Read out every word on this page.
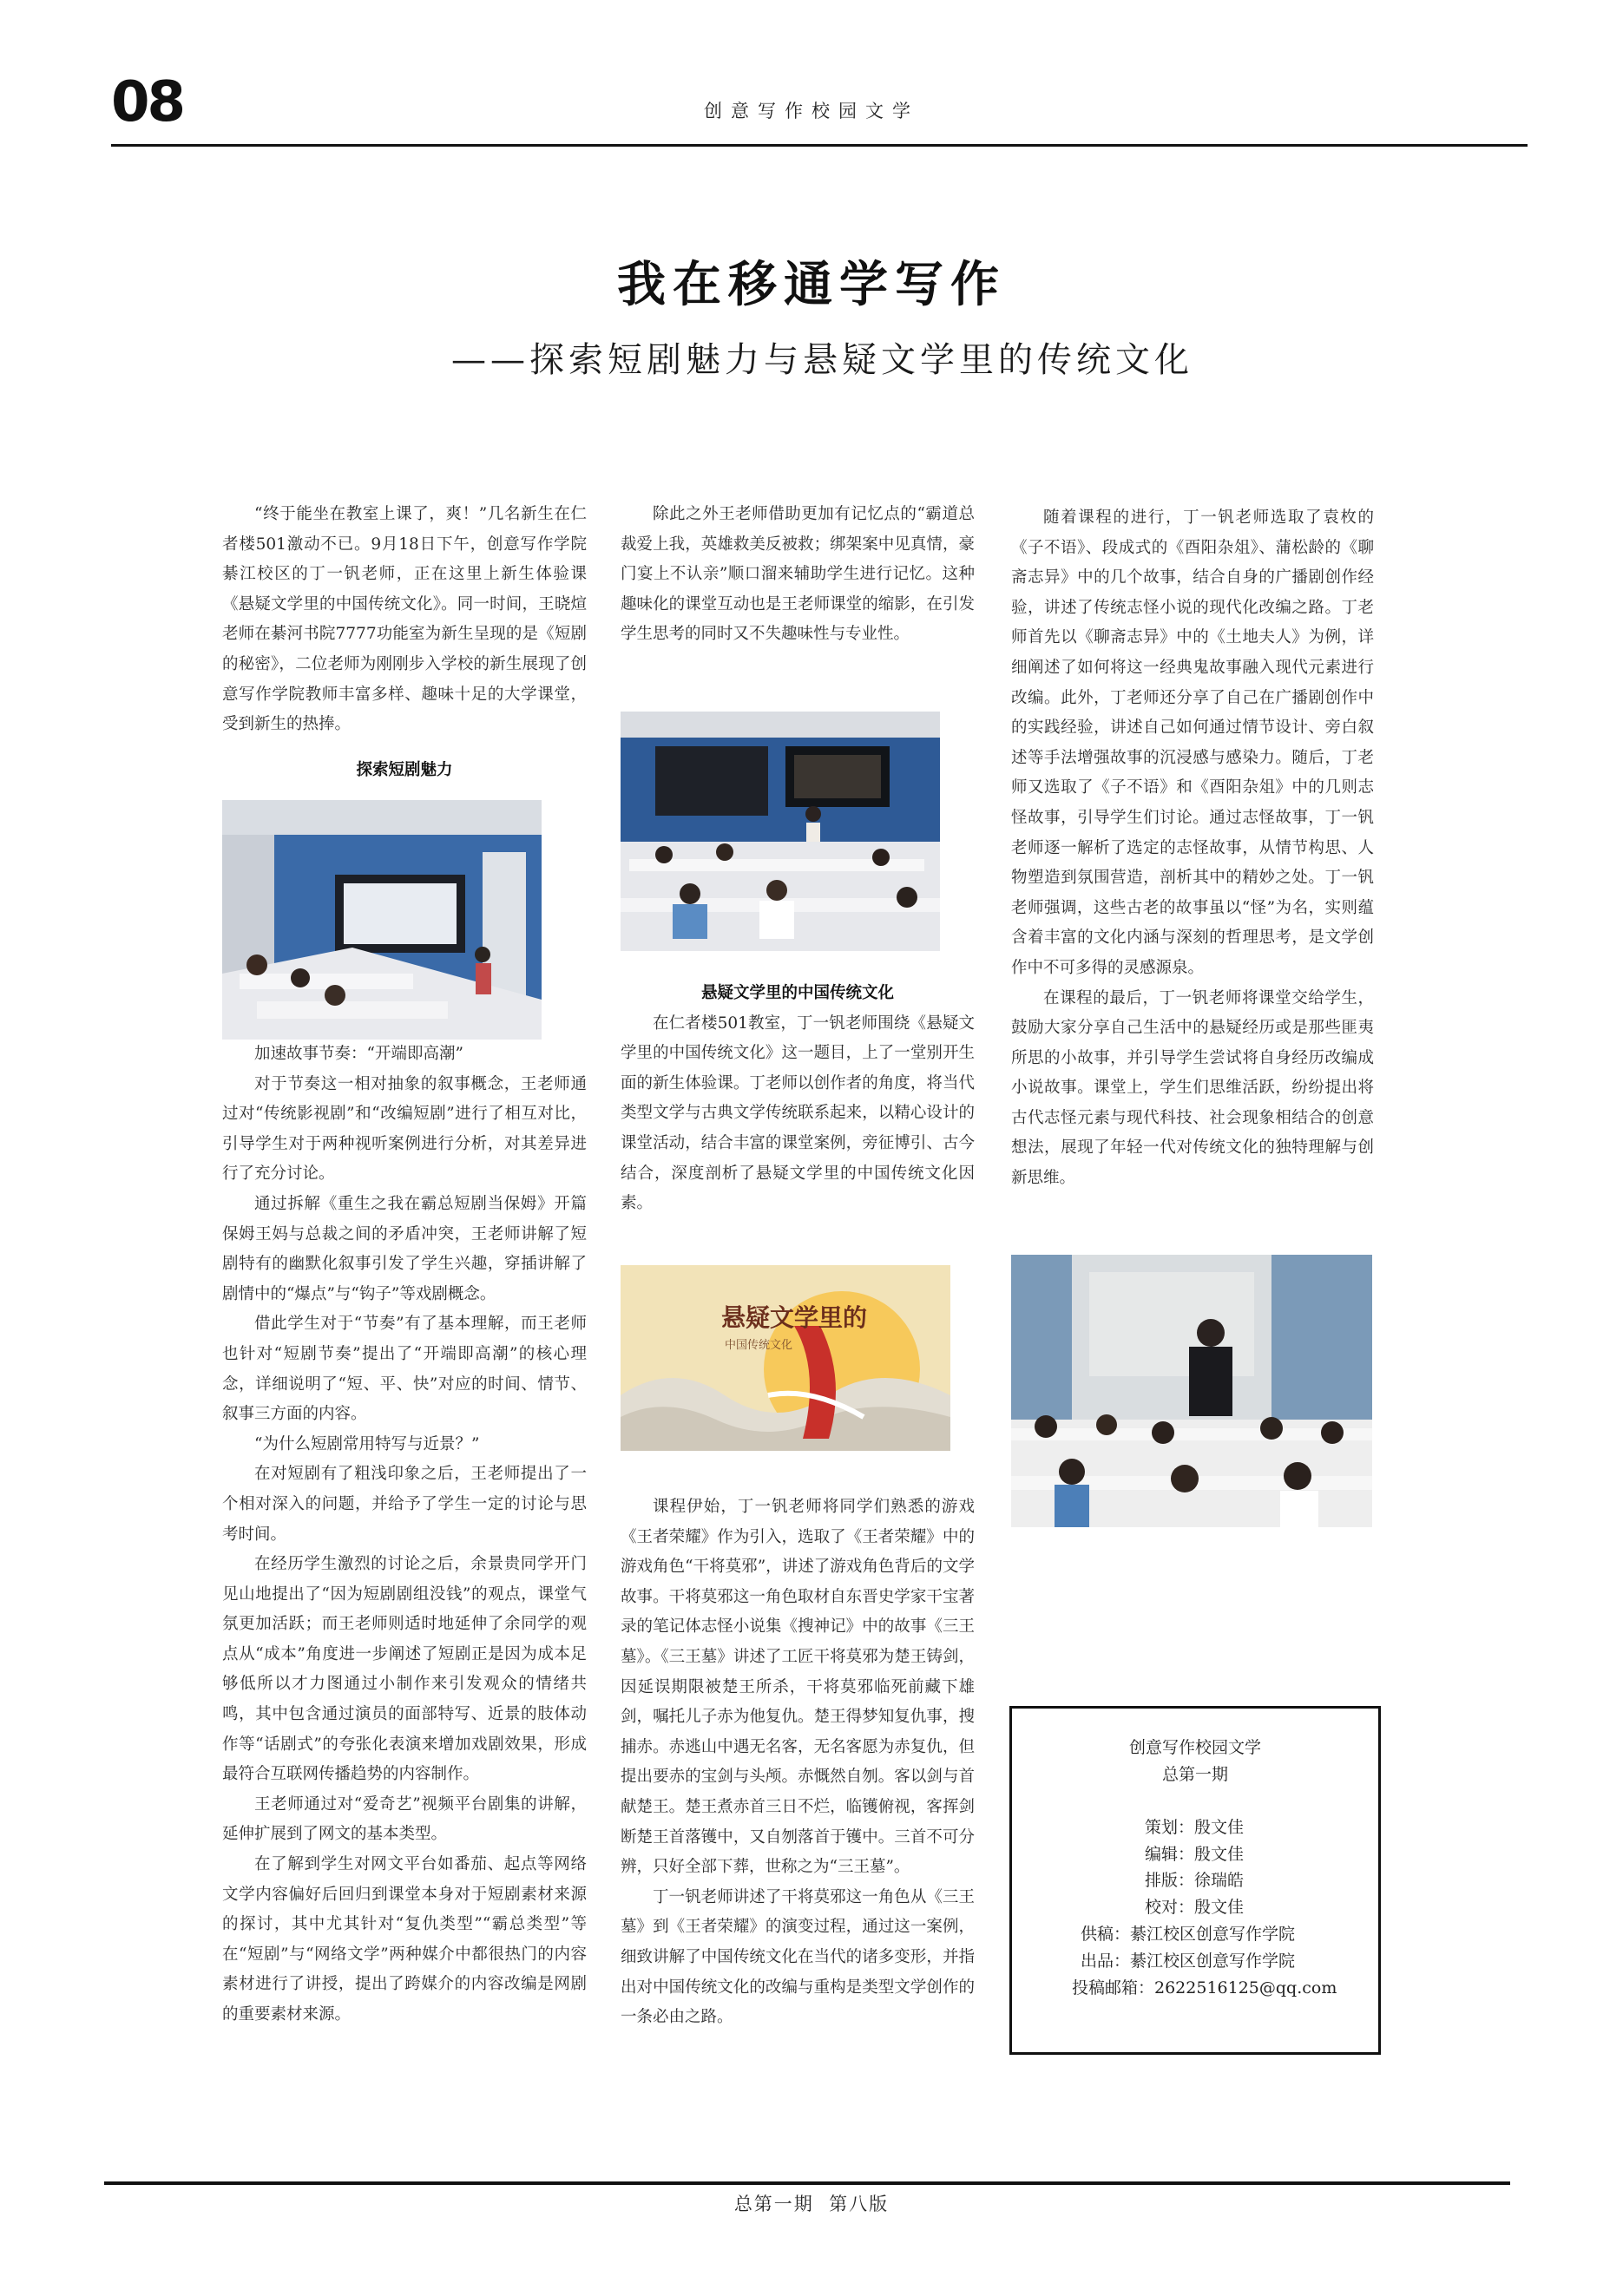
08	创意写作校园文学
我在移通学写作
——探索短剧魅力与悬疑文学里的传统文化

“终于能坐在教室上课了，爽！”几名新生在仁者楼501激动不已。9月18日下午，创意写作学院綦江校区的丁一钒老师，正在这里上新生体验课《悬疑文学里的中国传统文化》。同一时间，王晓煊老师在綦河书院7777功能室为新生呈现的是《短剧的秘密》，二位老师为刚刚步入学校的新生展现了创意写作学院教师丰富多样、趣味十足的大学课堂，受到新生的热捧。

探索短剧魅力

加速故事节奏：“开端即高潮”

对于节奏这一相对抽象的叙事概念，王老师通过对“传统影视剧”和“改编短剧”进行了相互对比，引导学生对于两种视听案例进行分析，对其差异进行了充分讨论。

通过拆解《重生之我在霸总短剧当保姆》开篇保姆王妈与总裁之间的矛盾冲突，王老师讲解了短剧特有的幽默化叙事引发了学生兴趣，穿插讲解了剧情中的“爆点”与“钩子”等戏剧概念。

借此学生对于“节奏”有了基本理解，而王老师也针对“短剧节奏”提出了“开端即高潮”的核心理念，详细说明了“短、平、快”对应的时间、情节、叙事三方面的内容。

“为什么短剧常用特写与近景？”

在对短剧有了粗浅印象之后，王老师提出了一个相对深入的问题，并给予了学生一定的讨论与思考时间。

在经历学生激烈的讨论之后，余景贵同学开门见山地提出了“因为短剧剧组没钱”的观点，课堂气氛更加活跃；而王老师则适时地延伸了余同学的观点从“成本”角度进一步阐述了短剧正是因为成本足够低所以才力图通过小制作来引发观众的情绪共鸣，其中包含通过演员的面部特写、近景的肢体动作等“话剧式”的夸张化表演来增加戏剧效果，形成最符合互联网传播趋势的内容制作。

王老师通过对“爱奇艺”视频平台剧集的讲解，延伸扩展到了网文的基本类型。

在了解到学生对网文平台如番茄、起点等网络文学内容偏好后回归到课堂本身对于短剧素材来源的探讨，其中尤其针对“复仇类型”“霸总类型”等在“短剧”与“网络文学”两种媒介中都很热门的内容素材进行了讲授，提出了跨媒介的内容改编是网剧的重要素材来源。

除此之外王老师借助更加有记忆点的“霸道总裁爱上我，英雄救美反被救；绑架案中见真情，豪门宴上不认亲”顺口溜来辅助学生进行记忆。这种趣味化的课堂互动也是王老师课堂的缩影，在引发学生思考的同时又不失趣味性与专业性。

悬疑文学里的中国传统文化

在仁者楼501教室，丁一钒老师围绕《悬疑文学里的中国传统文化》这一题目，上了一堂别开生面的新生体验课。丁老师以创作者的角度，将当代类型文学与古典文学传统联系起来，以精心设计的课堂活动，结合丰富的课堂案例，旁征博引、古今结合，深度剖析了悬疑文学里的中国传统文化因素。

悬疑文学里的
中国传统文化

课程伊始，丁一钒老师将同学们熟悉的游戏《王者荣耀》作为引入，选取了《王者荣耀》中的游戏角色“干将莫邪”，讲述了游戏角色背后的文学故事。干将莫邪这一角色取材自东晋史学家干宝著录的笔记体志怪小说集《搜神记》中的故事《三王墓》。《三王墓》讲述了工匠干将莫邪为楚王铸剑，因延误期限被楚王所杀，干将莫邪临死前藏下雄剑，嘱托儿子赤为他复仇。楚王得梦知复仇事，搜捕赤。赤逃山中遇无名客，无名客愿为赤复仇，但提出要赤的宝剑与头颅。赤慨然自刎。客以剑与首献楚王。楚王煮赤首三日不烂，临镬俯视，客挥剑断楚王首落镬中，又自刎落首于镬中。三首不可分辨，只好全部下葬，世称之为“三王墓”。

丁一钒老师讲述了干将莫邪这一角色从《三王墓》到《王者荣耀》的演变过程，通过这一案例，细致讲解了中国传统文化在当代的诸多变形，并指出对中国传统文化的改编与重构是类型文学创作的一条必由之路。

随着课程的进行，丁一钒老师选取了袁枚的《子不语》、段成式的《酉阳杂俎》、蒲松龄的《聊斋志异》中的几个故事，结合自身的广播剧创作经验，讲述了传统志怪小说的现代化改编之路。丁老师首先以《聊斋志异》中的《土地夫人》为例，详细阐述了如何将这一经典鬼故事融入现代元素进行改编。此外，丁老师还分享了自己在广播剧创作中的实践经验，讲述自己如何通过情节设计、旁白叙述等手法增强故事的沉浸感与感染力。随后，丁老师又选取了《子不语》和《酉阳杂俎》中的几则志怪故事，引导学生们讨论。通过志怪故事，丁一钒老师逐一解析了选定的志怪故事，从情节构思、人物塑造到氛围营造，剖析其中的精妙之处。丁一钒老师强调，这些古老的故事虽以“怪”为名，实则蕴含着丰富的文化内涵与深刻的哲理思考，是文学创作中不可多得的灵感源泉。

在课程的最后，丁一钒老师将课堂交给学生，鼓励大家分享自己生活中的悬疑经历或是那些匪夷所思的小故事，并引导学生尝试将自身经历改编成小说故事。课堂上，学生们思维活跃，纷纷提出将古代志怪元素与现代科技、社会现象相结合的创意想法，展现了年轻一代对传统文化的独特理解与创新思维。

创意写作校园文学
总第一期
策划：殷文佳
编辑：殷文佳
排版：徐瑞皓
校对：殷文佳
供稿：綦江校区创意写作学院
出品：綦江校区创意写作学院
投稿邮箱：2622516125@qq.com
总第一期  第八版
